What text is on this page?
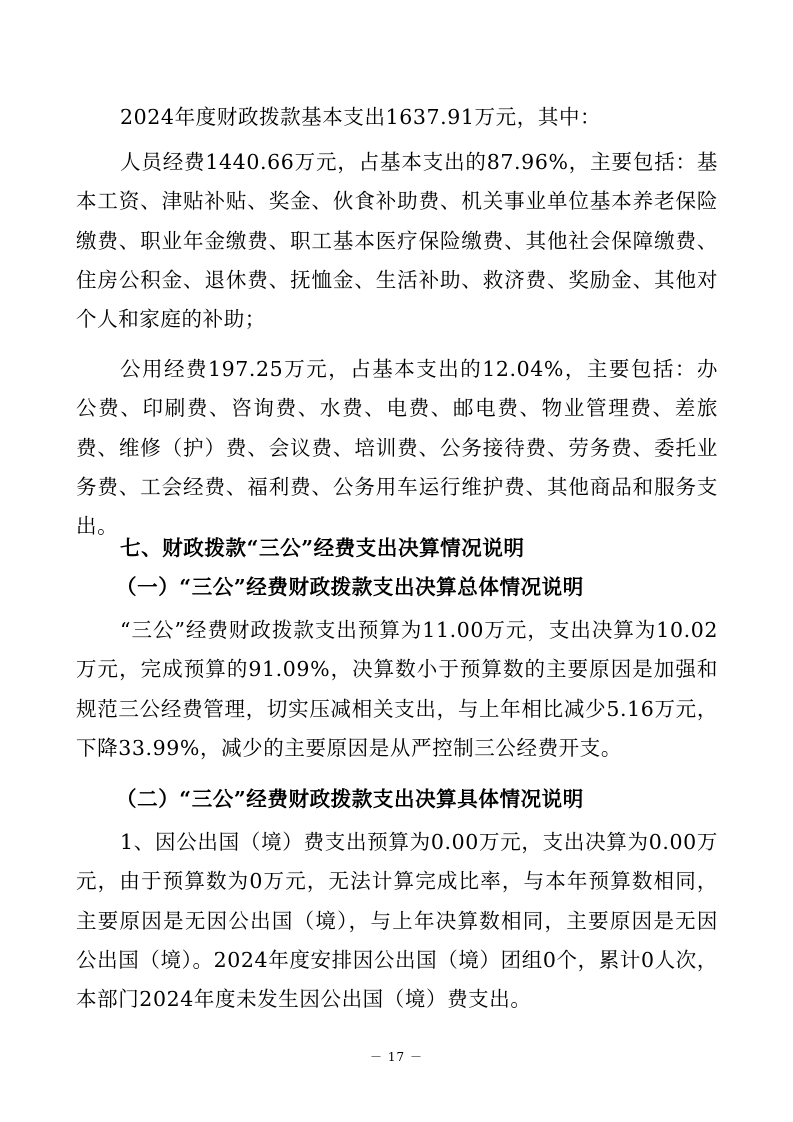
2024年度财政拨款基本支出1637.91万元，其中：

人员经费1440.66万元，占基本支出的87.96%，主要包括：基本工资、津贴补贴、奖金、伙食补助费、机关事业单位基本养老保险缴费、职业年金缴费、职工基本医疗保险缴费、其他社会保障缴费、住房公积金、退休费、抚恤金、生活补助、救济费、奖励金、其他对个人和家庭的补助；

公用经费197.25万元，占基本支出的12.04%，主要包括：办公费、印刷费、咨询费、水费、电费、邮电费、物业管理费、差旅费、维修（护）费、会议费、培训费、公务接待费、劳务费、委托业务费、工会经费、福利费、公务用车运行维护费、其他商品和服务支出。

七、财政拨款“三公”经费支出决算情况说明
（一）“三公”经费财政拨款支出决算总体情况说明

“三公”经费财政拨款支出预算为11.00万元，支出决算为10.02万元，完成预算的91.09%，决算数小于预算数的主要原因是加强和规范三公经费管理，切实压减相关支出，与上年相比减少5.16万元，下降33.99%，减少的主要原因是从严控制三公经费开支。

（二）“三公”经费财政拨款支出决算具体情况说明

1、因公出国（境）费支出预算为0.00万元，支出决算为0.00万元，由于预算数为0万元，无法计算完成比率，与本年预算数相同，主要原因是无因公出国（境），与上年决算数相同，主要原因是无因公出国（境）。2024年度安排因公出国（境）团组0个，累计0人次，本部门2024年度未发生因公出国（境）费支出。

－ 17 －
